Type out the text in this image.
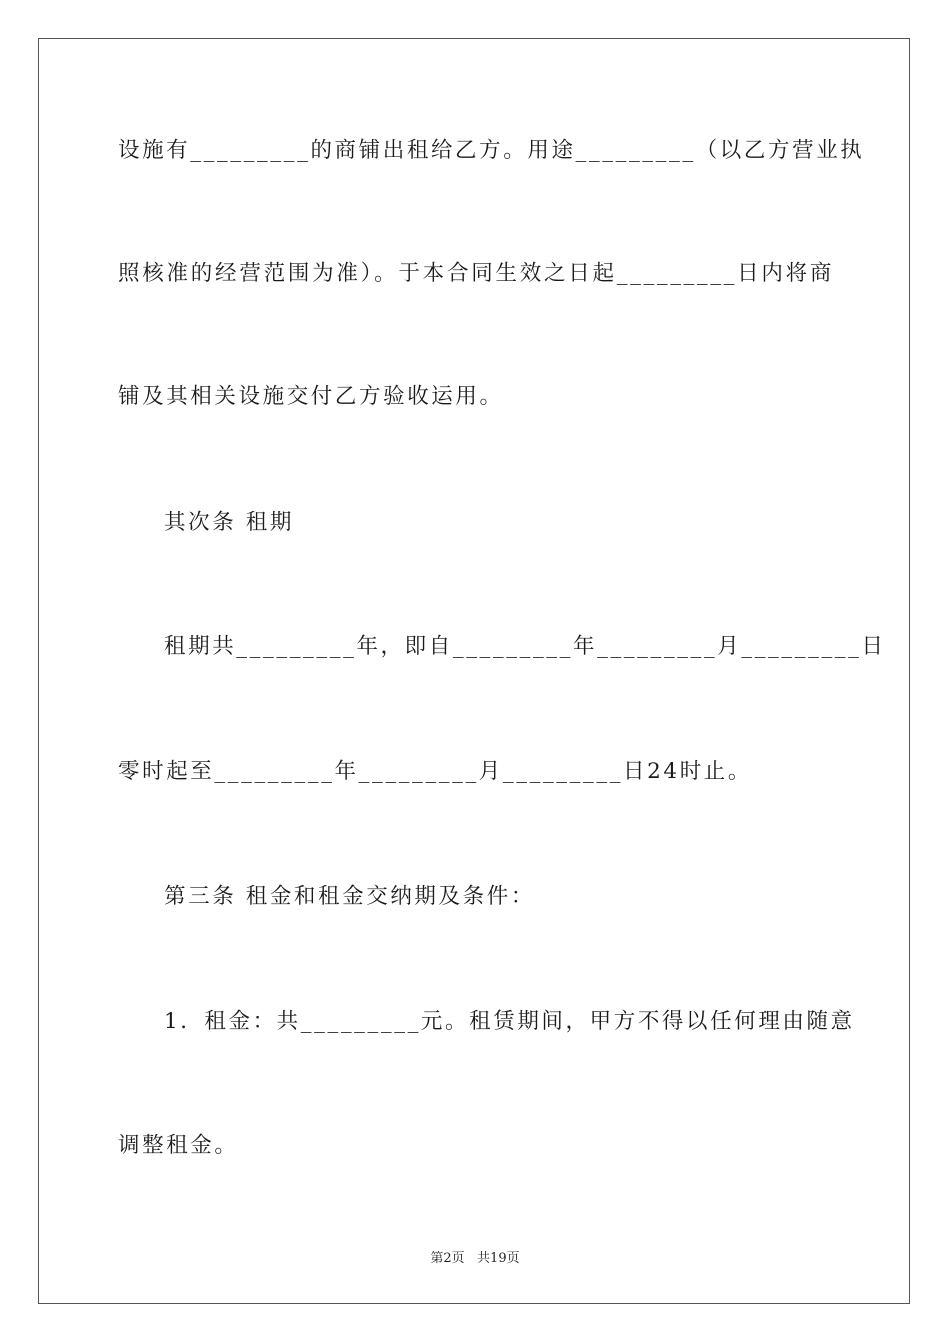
设施有_________的商铺出租给乙方。用途_________（以乙方营业执
照核准的经营范围为准）。于本合同生效之日起_________日内将商
铺及其相关设施交付乙方验收运用。
其次条 租期
租期共_________年，即自_________年_________月_________日
零时起至_________年_________月_________日24时止。
第三条 租金和租金交纳期及条件：
1．租金：共_________元。租赁期间，甲方不得以任何理由随意
调整租金。
第2页   共19页
